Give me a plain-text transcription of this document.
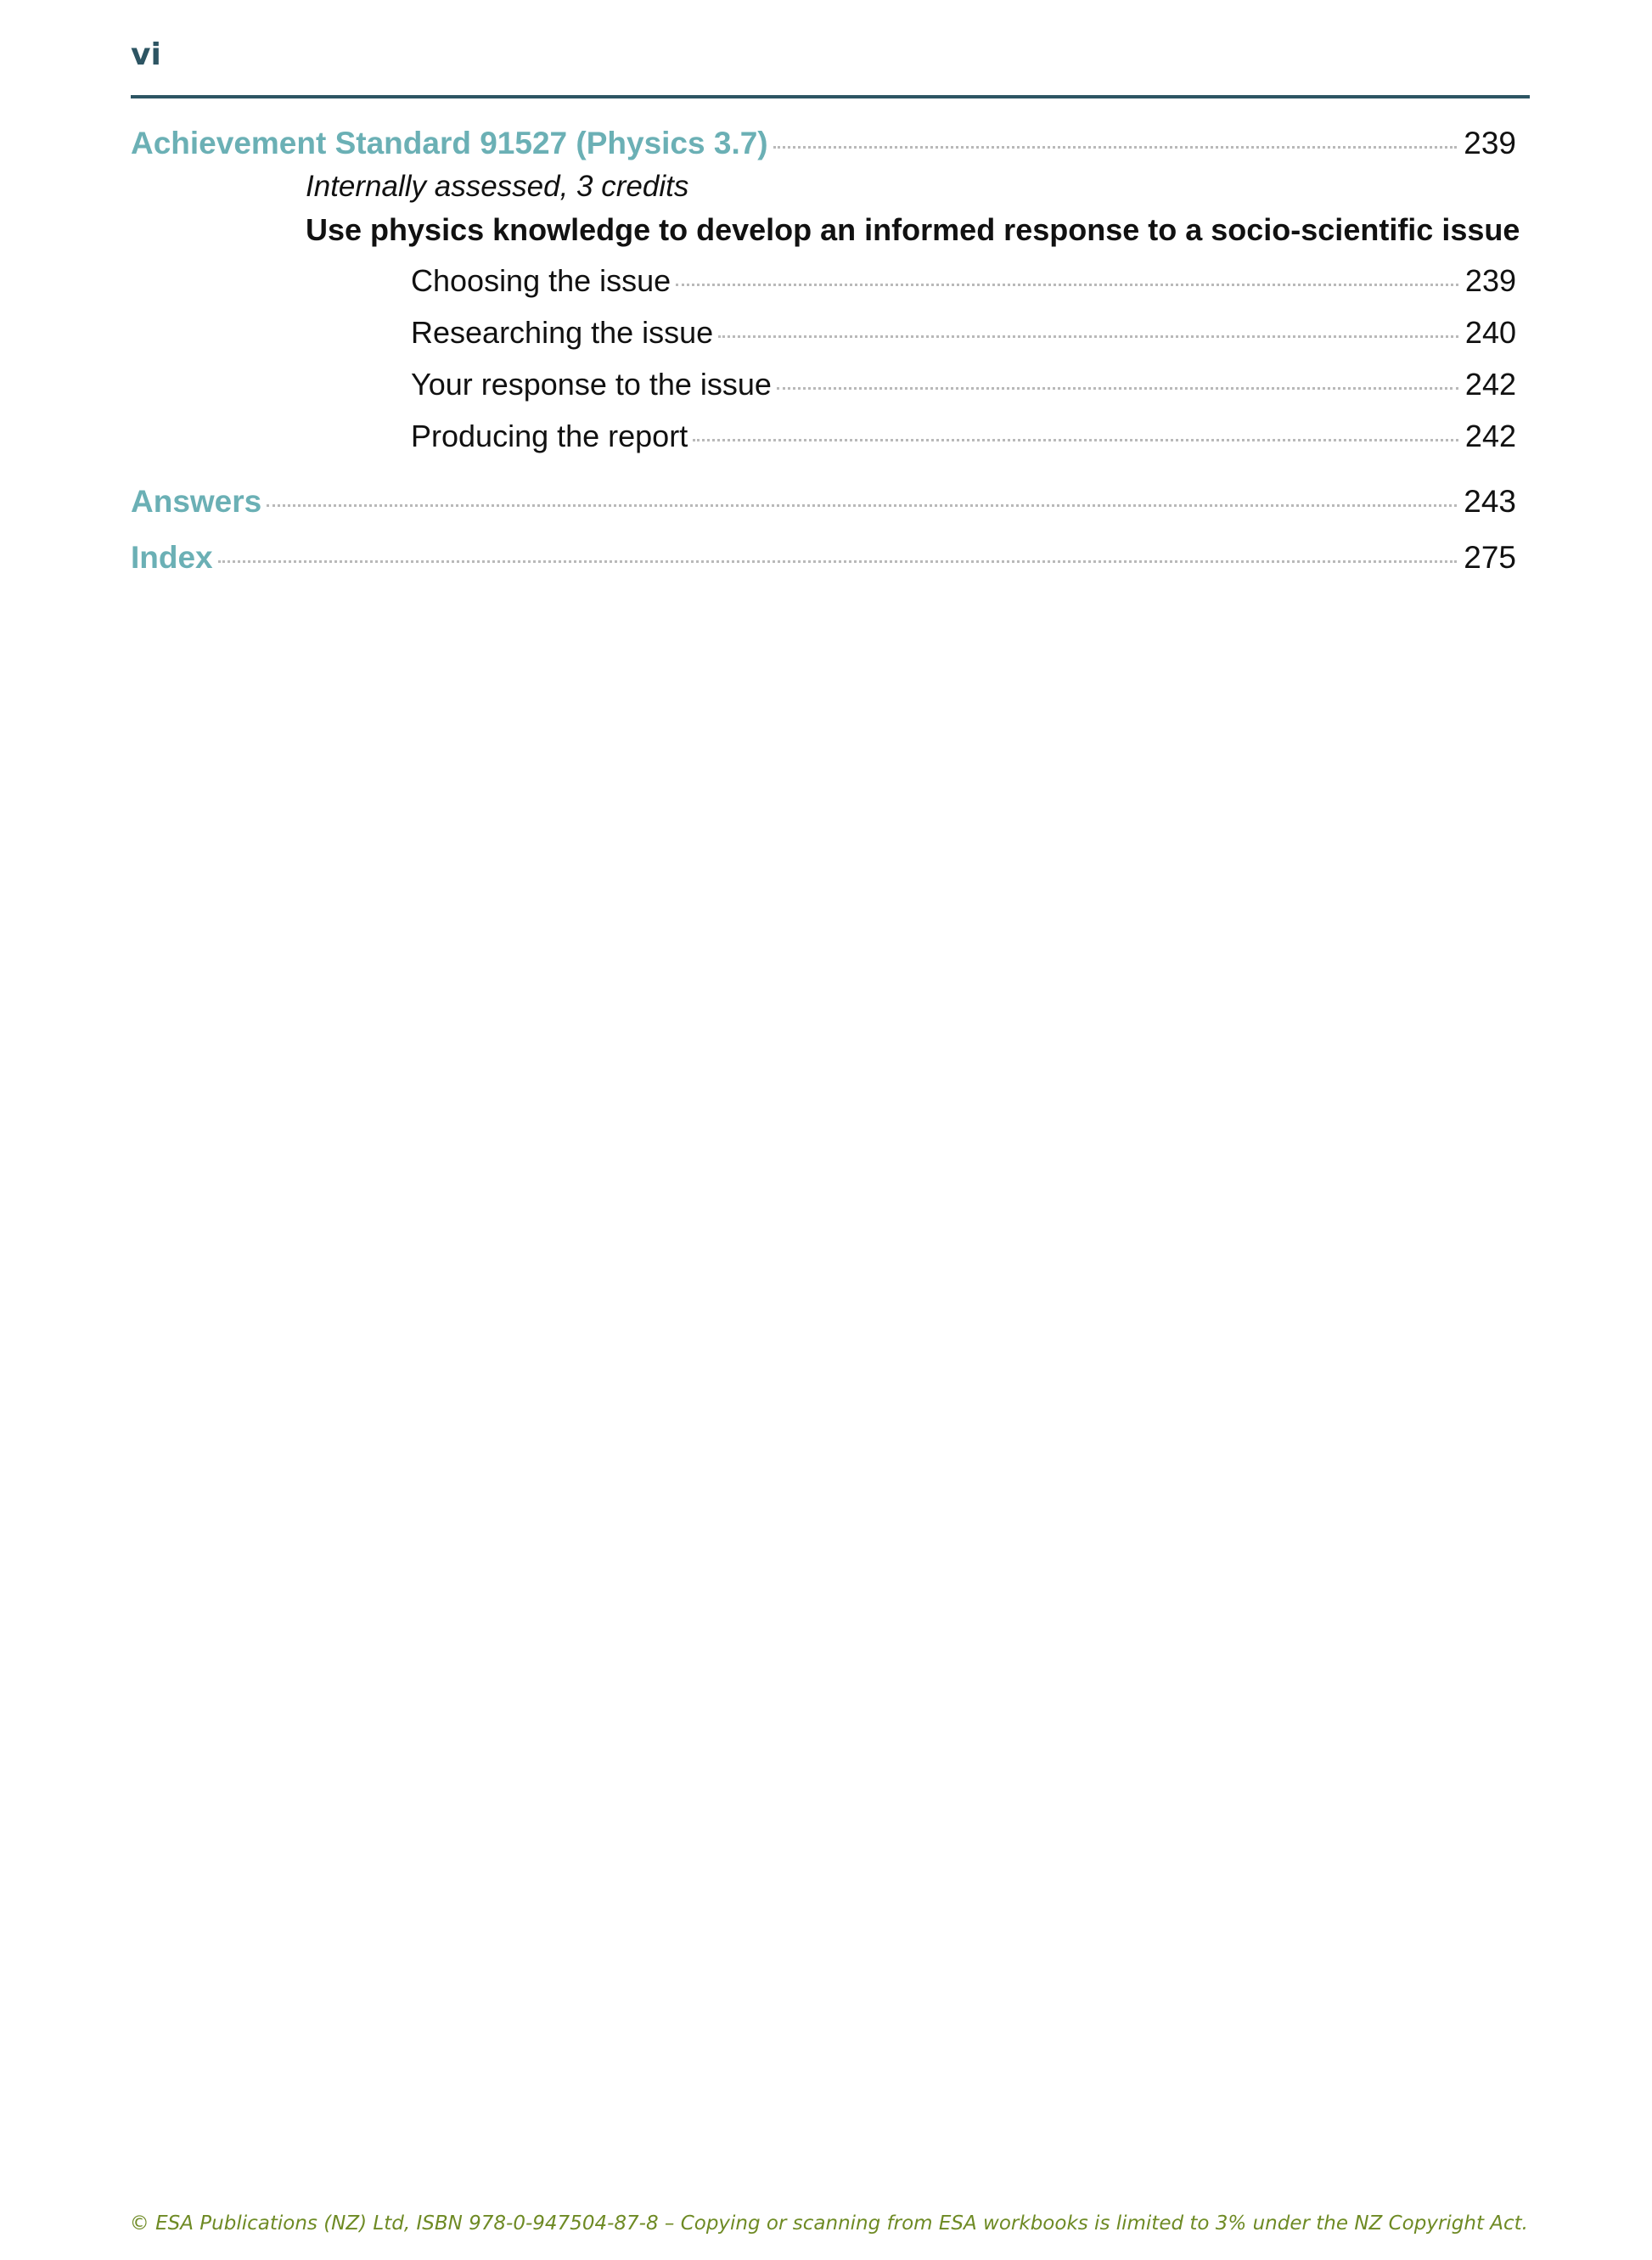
vi
Achievement Standard 91527 (Physics 3.7)	239
Internally assessed, 3 credits
Use physics knowledge to develop an informed response to a socio-scientific issue
Choosing the issue	239
Researching the issue	240
Your response to the issue	242
Producing the report	242
Answers	243
Index	275
© ESA Publications (NZ) Ltd, ISBN 978-0-947504-87-8 – Copying or scanning from ESA workbooks is limited to 3% under the NZ Copyright Act.
